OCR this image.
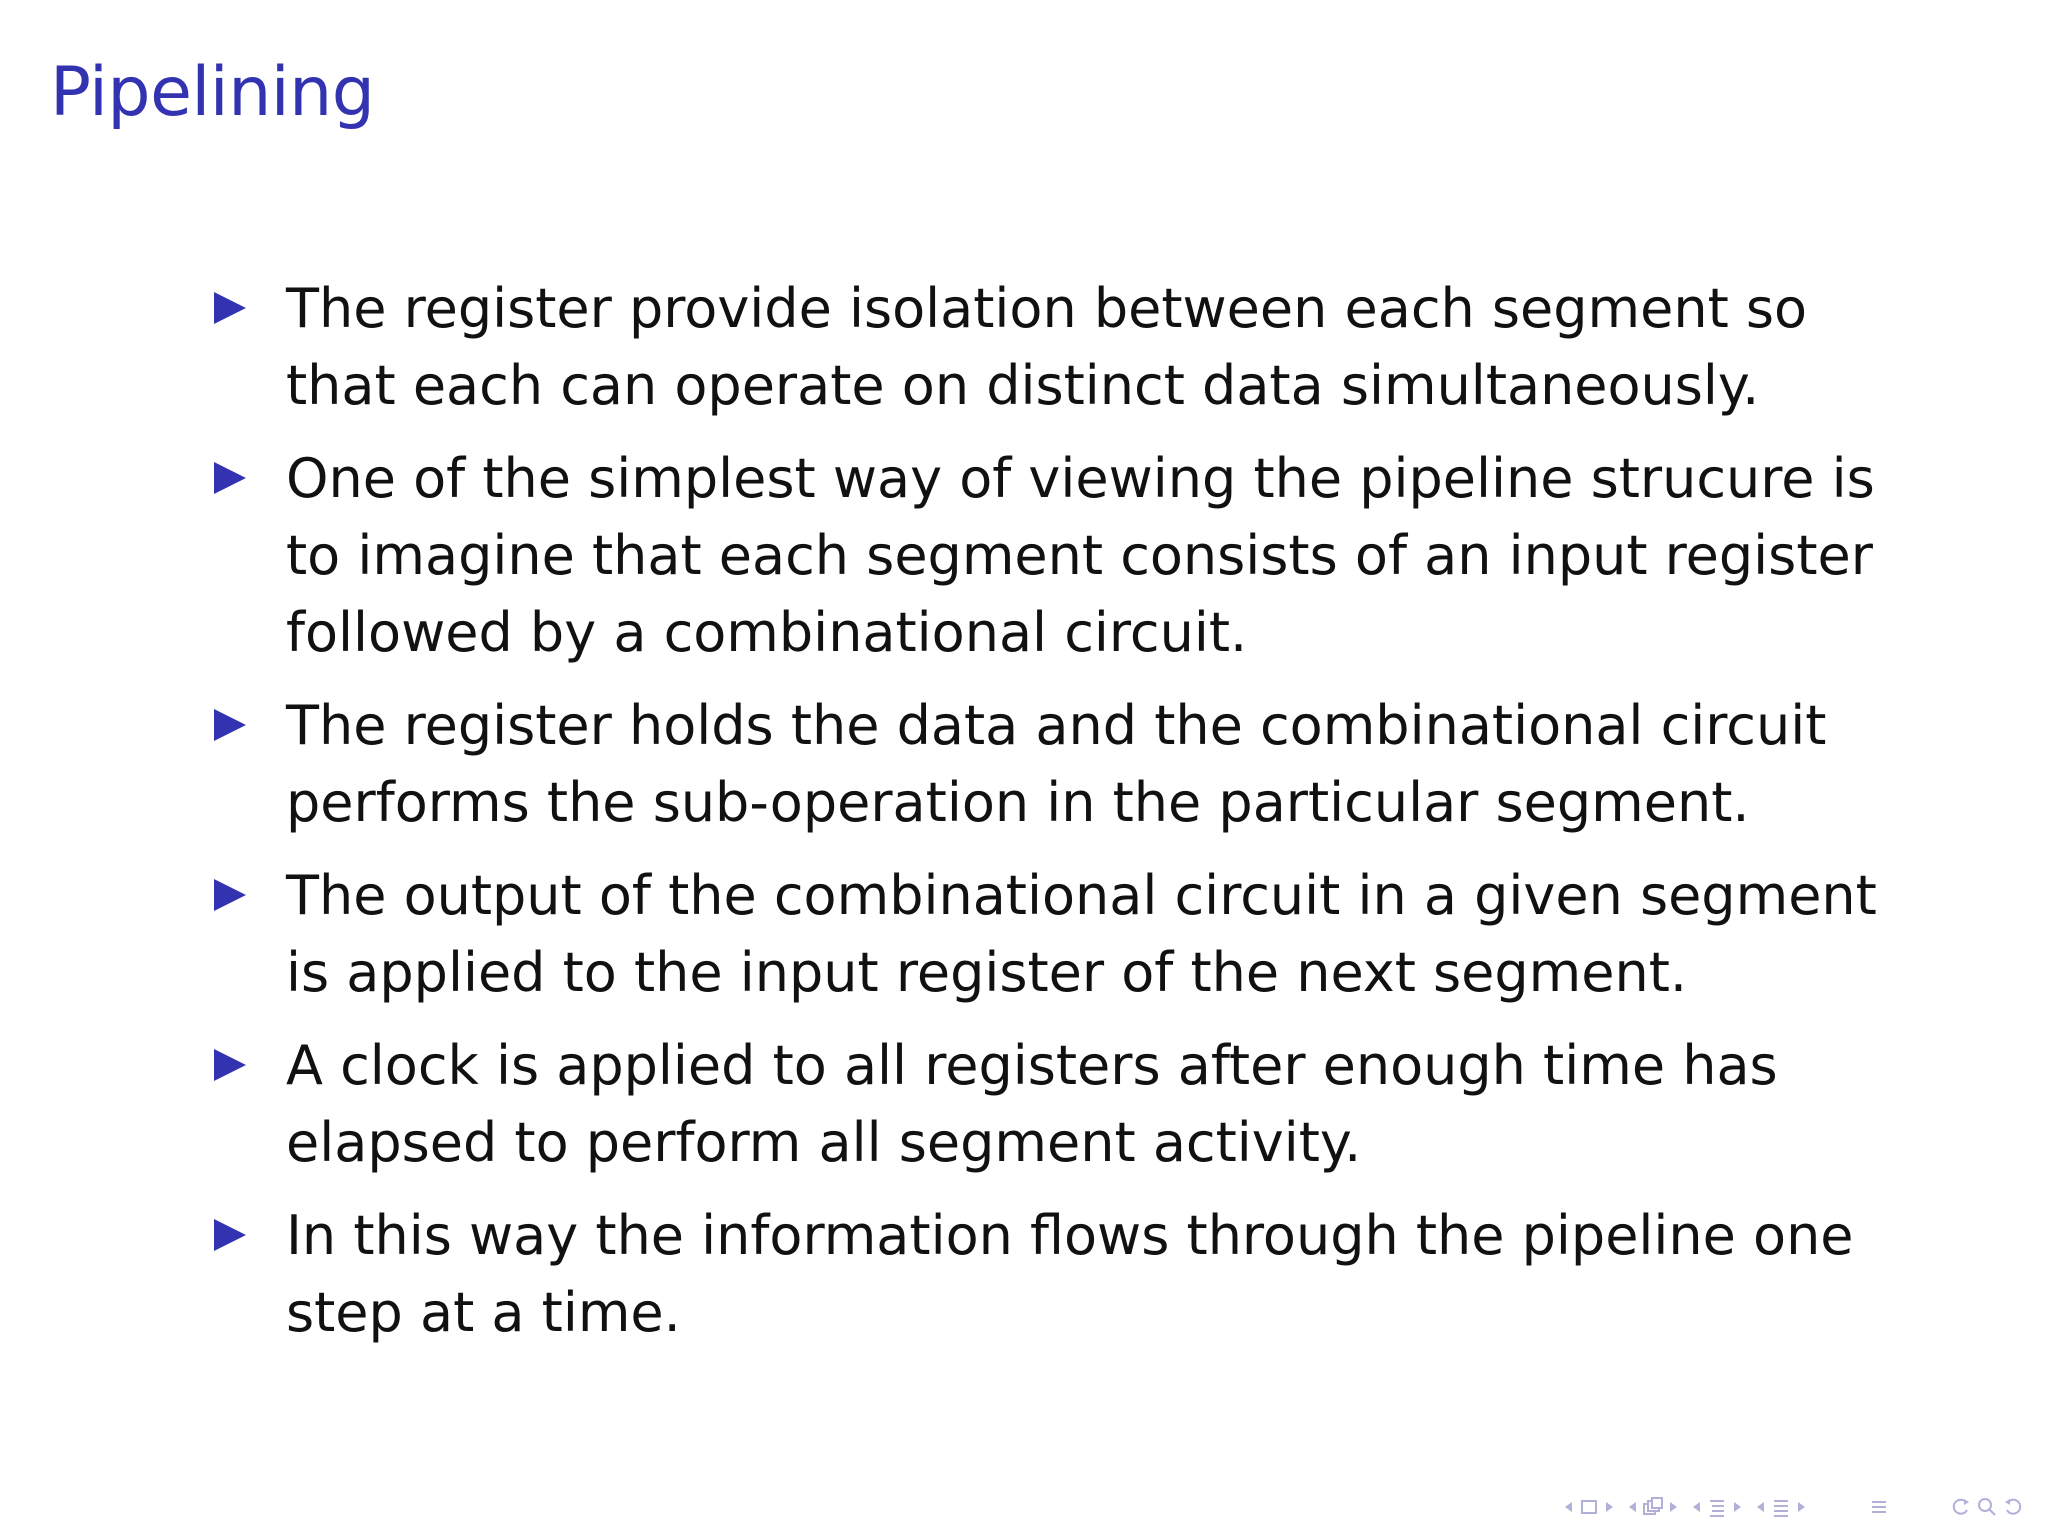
Pipelining
The register provide isolation between each segment so that each can operate on distinct data simultaneously.
One of the simplest way of viewing the pipeline strucure is to imagine that each segment consists of an input register followed by a combinational circuit.
The register holds the data and the combinational circuit performs the sub-operation in the particular segment.
The output of the combinational circuit in a given segment is applied to the input register of the next segment.
A clock is applied to all registers after enough time has elapsed to perform all segment activity.
In this way the information flows through the pipeline one step at a time.
